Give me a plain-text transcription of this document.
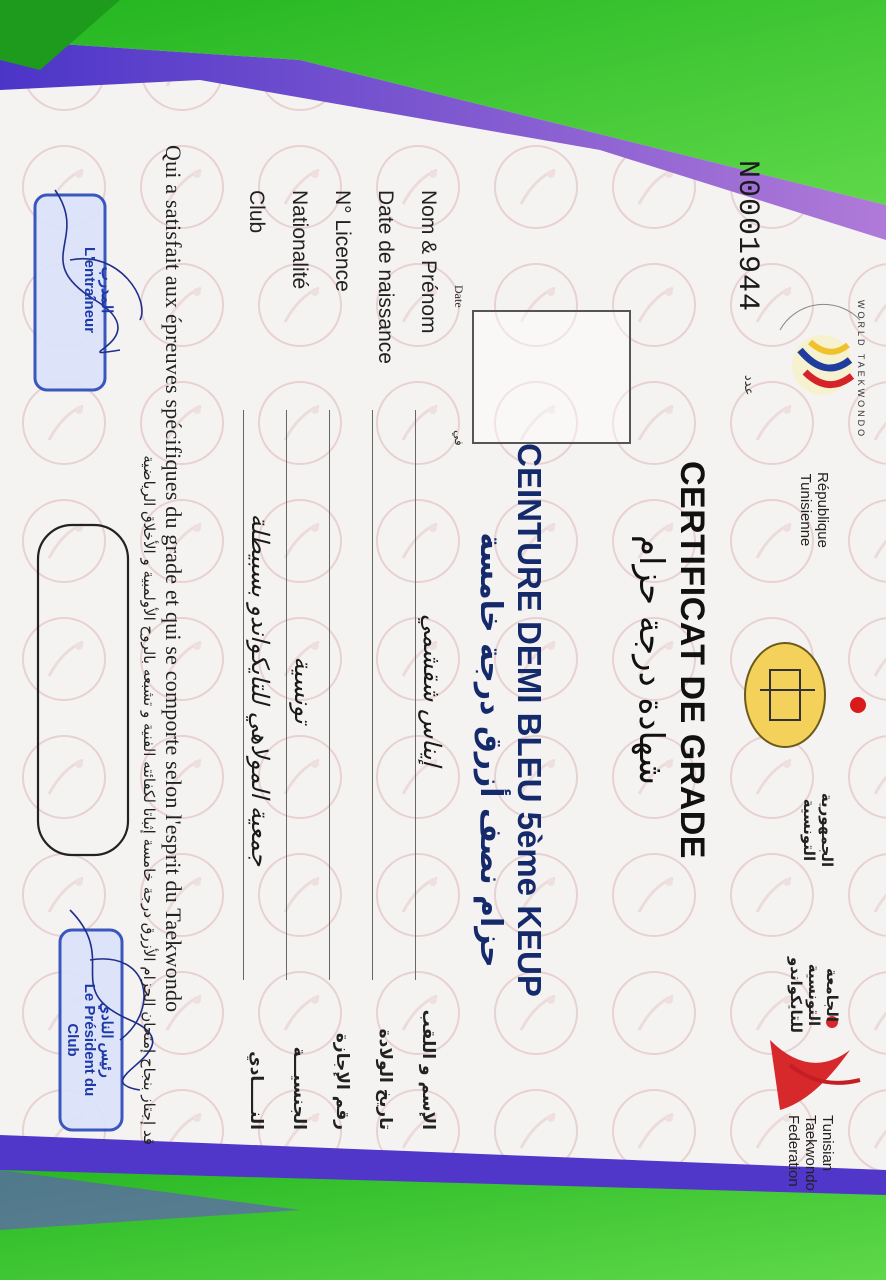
عدد
N0001944
Date
في
République
Tunisienne
الجمهورية
التونسية
الجامعة
التونسية
للتايكواندو
Tunisian
Taekwondo
Federation
WORLD TAEKWONDO
CERTIFICAT DE GRADE
شهادة درجة حزام
CEINTURE DEMI BLEU 5ème KEUP
حزام نصف أزرق درجة خامسة
Nom & Prénom
إيناس شقشمي
الإسم و اللقب
Date de naissance
تاريخ الولادة
N° Licence
رقم الإجازة
Nationalité
تونسية
الجنسيـــة
Club
جمعية المولاهي للتايكواندو بسبيطلة
النـــــادي
Qui a satisfait aux épreuves spécifiques du grade et qui se comporte selon l'esprit du Taekwondo
قد إجتاز بنجاح إمتحان الحزام الأزرق درجة خامسة إثباتا لكفائته الفنية و تشبعه بالروح الأولمبية و الأخلاق الرياضية
المدرب
L'entraîneur
رئيس النادي
Le Président du
Club
